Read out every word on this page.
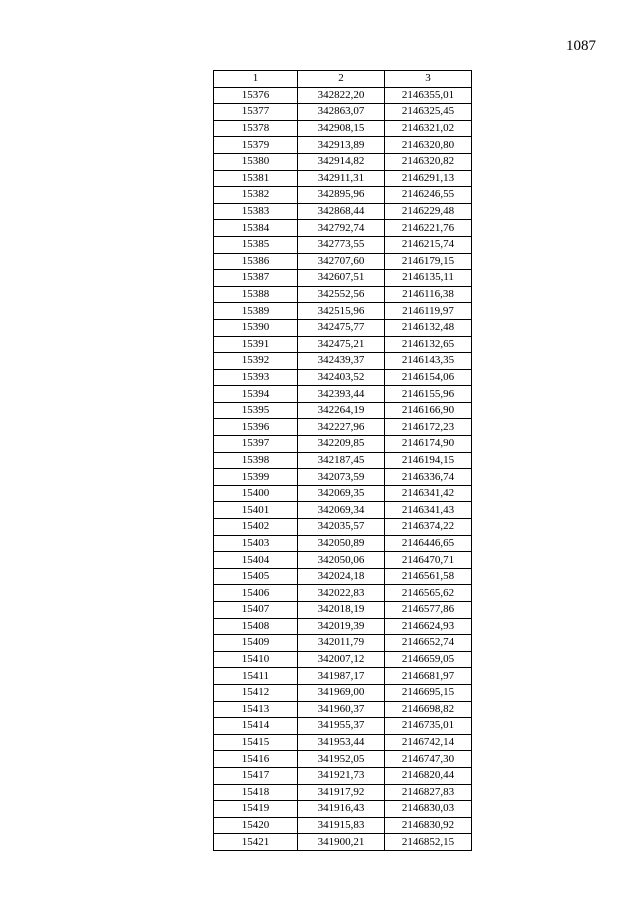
1087
1	2	3
15376	342822,20	2146355,01
15377	342863,07	2146325,45
15378	342908,15	2146321,02
15379	342913,89	2146320,80
15380	342914,82	2146320,82
15381	342911,31	2146291,13
15382	342895,96	2146246,55
15383	342868,44	2146229,48
15384	342792,74	2146221,76
15385	342773,55	2146215,74
15386	342707,60	2146179,15
15387	342607,51	2146135,11
15388	342552,56	2146116,38
15389	342515,96	2146119,97
15390	342475,77	2146132,48
15391	342475,21	2146132,65
15392	342439,37	2146143,35
15393	342403,52	2146154,06
15394	342393,44	2146155,96
15395	342264,19	2146166,90
15396	342227,96	2146172,23
15397	342209,85	2146174,90
15398	342187,45	2146194,15
15399	342073,59	2146336,74
15400	342069,35	2146341,42
15401	342069,34	2146341,43
15402	342035,57	2146374,22
15403	342050,89	2146446,65
15404	342050,06	2146470,71
15405	342024,18	2146561,58
15406	342022,83	2146565,62
15407	342018,19	2146577,86
15408	342019,39	2146624,93
15409	342011,79	2146652,74
15410	342007,12	2146659,05
15411	341987,17	2146681,97
15412	341969,00	2146695,15
15413	341960,37	2146698,82
15414	341955,37	2146735,01
15415	341953,44	2146742,14
15416	341952,05	2146747,30
15417	341921,73	2146820,44
15418	341917,92	2146827,83
15419	341916,43	2146830,03
15420	341915,83	2146830,92
15421	341900,21	2146852,15
